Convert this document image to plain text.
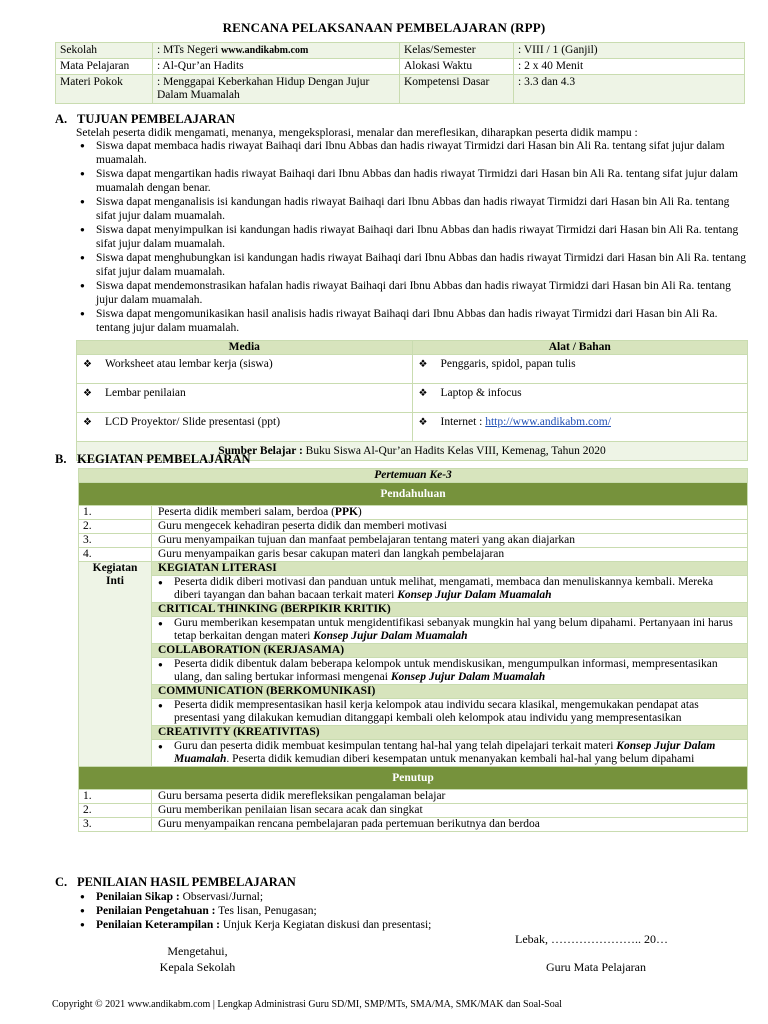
RENCANA PELAKSANAAN PEMBELAJARAN (RPP)
Sekolah	: MTs Negeri www.andikabm.com	Kelas/Semester	: VIII / 1 (Ganjil)
Mata Pelajaran	: Al-Qur’an Hadits	Alokasi Waktu	: 2 x 40 Menit
Materi Pokok	: Menggapai Keberkahan Hidup Dengan Jujur Dalam Muamalah	Kompetensi Dasar	: 3.3 dan 4.3
A. TUJUAN PEMBELAJARAN
Setelah peserta didik mengamati, menanya, mengeksplorasi, menalar dan mereflesikan, diharapkan peserta didik mampu :
● Siswa dapat membaca hadis riwayat Baihaqi dari Ibnu Abbas dan hadis riwayat Tirmidzi dari Hasan bin Ali Ra. tentang sifat jujur dalam muamalah.
● Siswa dapat mengartikan hadis riwayat Baihaqi dari Ibnu Abbas dan hadis riwayat Tirmidzi dari Hasan bin Ali Ra. tentang sifat jujur dalam muamalah dengan benar.
● Siswa dapat menganalisis isi kandungan hadis riwayat Baihaqi dari Ibnu Abbas dan hadis riwayat Tirmidzi dari Hasan bin Ali Ra. tentang sifat jujur dalam muamalah.
● Siswa dapat menyimpulkan isi kandungan hadis riwayat Baihaqi dari Ibnu Abbas dan hadis riwayat Tirmidzi dari Hasan bin Ali Ra. tentang sifat jujur dalam muamalah.
● Siswa dapat menghubungkan isi kandungan hadis riwayat Baihaqi dari Ibnu Abbas dan hadis riwayat Tirmidzi dari Hasan bin Ali Ra. tentang sifat jujur dalam muamalah.
● Siswa dapat mendemonstrasikan hafalan hadis riwayat Baihaqi dari Ibnu Abbas dan hadis riwayat Tirmidzi dari Hasan bin Ali Ra. tentang jujur dalam muamalah.
● Siswa dapat mengomunikasikan hasil analisis hadis riwayat Baihaqi dari Ibnu Abbas dan hadis riwayat Tirmidzi dari Hasan bin Ali Ra. tentang jujur dalam muamalah.
Media	Alat / Bahan
❖ Worksheet atau lembar kerja (siswa)	❖ Penggaris, spidol, papan tulis
❖ Lembar penilaian	❖ Laptop & infocus
❖ LCD Proyektor/ Slide presentasi (ppt)	❖ Internet : http://www.andikabm.com/
Sumber Belajar : Buku Siswa Al-Qur’an Hadits Kelas VIII, Kemenag, Tahun 2020	
B. KEGIATAN PEMBELAJARAN
Pertemuan Ke-3	
Pendahuluan	
1.	Peserta didik memberi salam, berdoa (PPK)
2.	Guru mengecek kehadiran peserta didik dan memberi motivasi
3.	Guru menyampaikan tujuan dan manfaat pembelajaran tentang materi yang akan diajarkan
4.	Guru menyampaikan garis besar cakupan materi dan langkah pembelajaran
Kegiatan Inti	KEGIATAN LITERASI
	● Peserta didik diberi motivasi dan panduan untuk melihat, mengamati, membaca dan menuliskannya kembali. Mereka diberi tayangan dan bahan bacaan terkait materi Konsep Jujur Dalam Muamalah
	CRITICAL THINKING (BERPIKIR KRITIK)
	● Guru memberikan kesempatan untuk mengidentifikasi sebanyak mungkin hal yang belum dipahami. Pertanyaan ini harus tetap berkaitan dengan materi Konsep Jujur Dalam Muamalah
	COLLABORATION (KERJASAMA)
	● Peserta didik dibentuk dalam beberapa kelompok untuk mendiskusikan, mengumpulkan informasi, mempresentasikan ulang, dan saling bertukar informasi mengenai Konsep Jujur Dalam Muamalah
	COMMUNICATION (BERKOMUNIKASI)
	● Peserta didik mempresentasikan hasil kerja kelompok atau individu secara klasikal, mengemukakan pendapat atas presentasi yang dilakukan kemudian ditanggapi kembali oleh kelompok atau individu yang mempresentasikan
	CREATIVITY (KREATIVITAS)
	● Guru dan peserta didik membuat kesimpulan tentang hal-hal yang telah dipelajari terkait materi Konsep Jujur Dalam Muamalah. Peserta didik kemudian diberi kesempatan untuk menanyakan kembali hal-hal yang belum dipahami
Penutup	
1.	Guru bersama peserta didik merefleksikan pengalaman belajar
2.	Guru memberikan penilaian lisan secara acak dan singkat
3.	Guru menyampaikan rencana pembelajaran pada pertemuan berikutnya dan berdoa
C. PENILAIAN HASIL PEMBELAJARAN
● Penilaian Sikap : Observasi/Jurnal;
● Penilaian Pengetahuan : Tes lisan, Penugasan;
● Penilaian Keterampilan : Unjuk Kerja Kegiatan diskusi dan presentasi;
Lebak, ………………….. 20…
Mengetahui,
Kepala Sekolah	Guru Mata Pelajaran
Copyright © 2021 www.andikabm.com | Lengkap Administrasi Guru SD/MI, SMP/MTs, SMA/MA, SMK/MAK dan Soal-Soal
